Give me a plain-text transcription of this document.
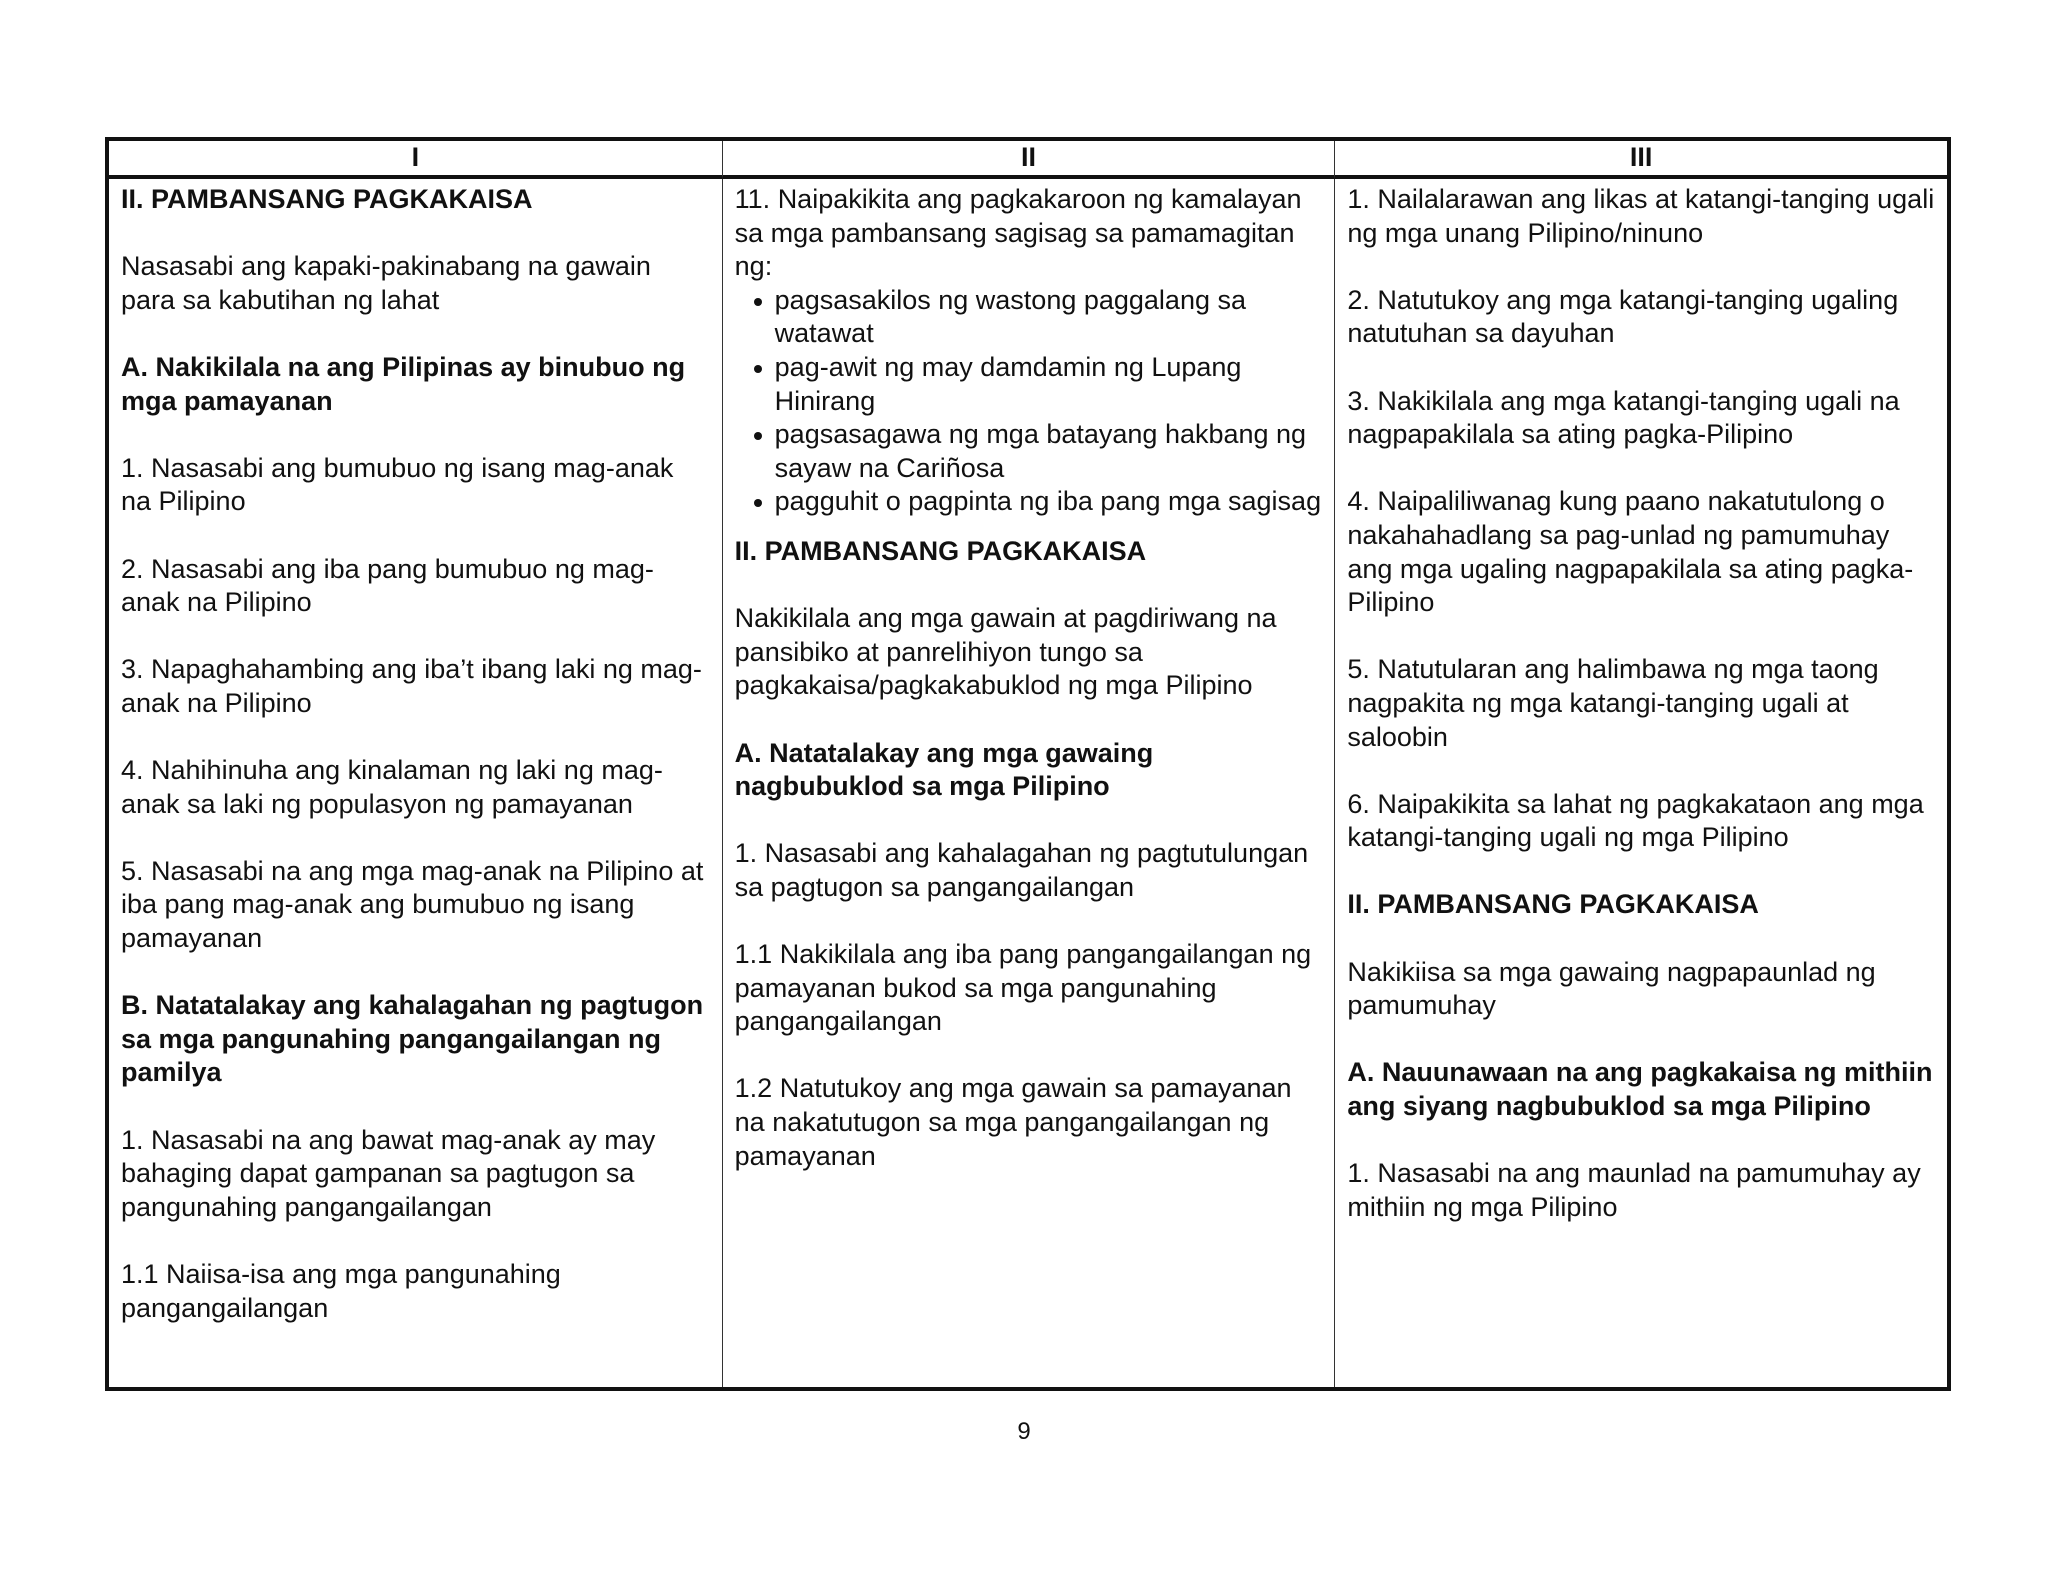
I	II	III

II. PAMBANSANG PAGKAKAISA

Nasasabi ang kapaki-pakinabang na gawain para sa kabutihan ng lahat

A. Nakikilala na ang Pilipinas ay binubuo ng mga pamayanan

1. Nasasabi ang bumubuo ng isang mag-anak na Pilipino

2. Nasasabi ang iba pang bumubuo ng mag-anak na Pilipino

3. Napaghahambing ang iba’t ibang laki ng mag-anak na Pilipino

4. Nahihinuha ang kinalaman ng laki ng mag-anak sa laki ng populasyon ng pamayanan

5. Nasasabi na ang mga mag-anak na Pilipino at iba pang mag-anak ang bumubuo ng isang pamayanan

B. Natatalakay ang kahalagahan ng pagtugon sa mga pangunahing pangangailangan ng pamilya

1. Nasasabi na ang bawat mag-anak ay may bahaging dapat gampanan sa pagtugon sa pangunahing pangangailangan

1.1 Naiisa-isa ang mga pangunahing pangangailangan

11. Naipakikita ang pagkakaroon ng kamalayan sa mga pambansang sagisag sa pamamagitan ng:

pagsasakilos ng wastong paggalang sa watawat
pag-awit ng may damdamin ng Lupang Hinirang
pagsasagawa ng mga batayang hakbang ng sayaw na Cariñosa
pagguhit o pagpinta ng iba pang mga sagisag

II. PAMBANSANG PAGKAKAISA

Nakikilala ang mga gawain at pagdiriwang na pansibiko at panrelihiyon tungo sa pagkakaisa/pagkakabuklod ng mga Pilipino

A. Natatalakay ang mga gawaing nagbubuklod sa mga Pilipino

1. Nasasabi ang kahalagahan ng pagtutulungan sa pagtugon sa pangangailangan

1.1 Nakikilala ang iba pang pangangailangan ng pamayanan bukod sa mga pangunahing pangangailangan

1.2 Natutukoy ang mga gawain sa pamayanan na nakatutugon sa mga pangangailangan ng pamayanan

1. Nailalarawan ang likas at katangi-tanging ugali ng mga unang Pilipino/ninuno

2. Natutukoy ang mga katangi-tanging ugaling natutuhan sa dayuhan

3. Nakikilala ang mga katangi-tanging ugali na nagpapakilala sa ating pagka-Pilipino

4. Naipaliliwanag kung paano nakatutulong o nakahahadlang sa pag-unlad ng pamumuhay ang mga ugaling nagpapakilala sa ating pagka-Pilipino

5. Natutularan ang halimbawa ng mga taong nagpakita ng mga katangi-tanging ugali at saloobin

6. Naipakikita sa lahat ng pagkakataon ang mga katangi-tanging ugali ng mga Pilipino

II. PAMBANSANG PAGKAKAISA

Nakikiisa sa mga gawaing nagpapaunlad ng pamumuhay

A. Nauunawaan na ang pagkakaisa ng mithiin ang siyang nagbubuklod sa mga Pilipino

1. Nasasabi na ang maunlad na pamumuhay ay mithiin ng mga Pilipino

9
